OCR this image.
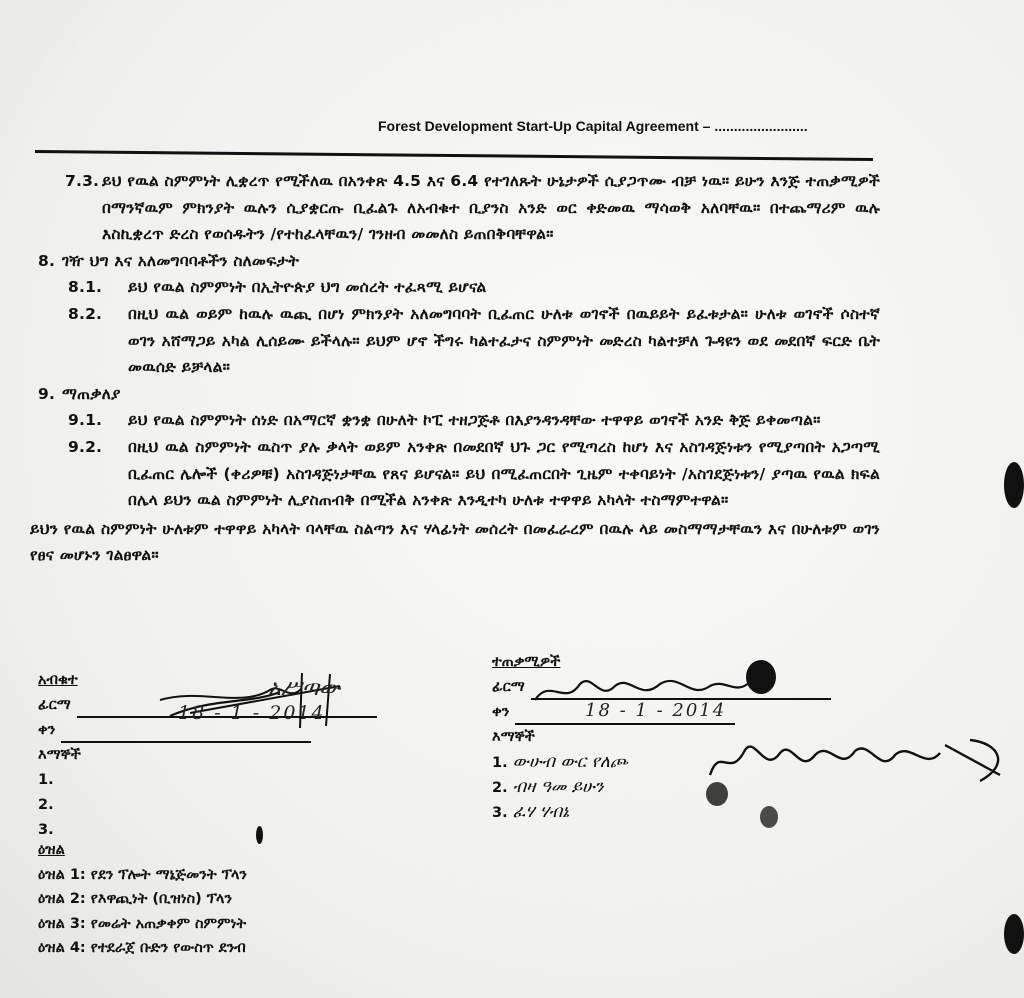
Forest Development Start-Up Capital Agreement – ........................
7.3. ይህ የዉል ስምምነት ሊቋረጥ የሚችለዉ በአንቀጽ 4.5 እና 6.4 የተገለጹት ሁኔታዎች ሲያጋጥሙ ብቻ ነዉ። ይሁን እንጅ ተጠቃሚዎች በማንኛዉም ምክንያት ዉሉን ሲያቋርጡ ቢፈልጉ ለአብቁተ ቢያንስ አንድ ወር ቀድመዉ ማሳወቅ አለባቸዉ። በተጨማሪም ዉሉ እስኪቋረጥ ድረስ የወሰዱትን /የተከፈላቸዉን/ ገንዘብ መመለስ ይጠበቅባቸዋል።
8. ገዥ ህግ እና አለመግባባቶችን ስለመፍታት
8.1.	ይህ የዉል ስምምነት በኢትዮጵያ ህግ መሰረት ተፈጻሚ ይሆናል
8.2.	በዚህ ዉል ወይም ከዉሉ ዉጪ በሆነ ምክንያት አለመግባባት ቢፈጠር ሁለቱ ወገኖች በዉይይት ይፈቱታል። ሁለቱ ወገኖች ሶስተኛ ወገን አሸማጋይ አካል ሊሰይሙ ይችላሉ። ይህም ሆኖ ችግሩ ካልተፈታና ስምምነት መድረስ ካልተቻለ ጉዳዩን ወደ መደበኛ ፍርድ ቤት መዉሰድ ይቻላል።
9. ማጠቃለያ
9.1.	ይህ የዉል ስምምነት ሰነድ በአማርኛ ቋንቋ በሁለት ኮፒ ተዘጋጅቶ በእያንዳንዳቸው ተዋዋይ ወገኖች አንድ ቅጅ ይቀመጣል።
9.2.	በዚህ ዉል ስምምነት ዉስጥ ያሉ ቃላት ወይም አንቀጽ በመደበኛ ህጉ ጋር የሚጣረስ ከሆነ እና አስገዳጅነቱን የሚያጣበት አጋጣሚ ቢፈጠር ሌሎች (ቀሪዎቹ) አስገዳጅነታቸዉ የጸና ይሆናል። ይህ በሚፈጠርበት ጊዜም ተቀባይነት /አስገደጅነቱን/ ያጣዉ የዉል ክፍል በሌላ ይህን ዉል ስምምነት ሊያስጠብቅ በሚችል አንቀጽ እንዲተካ ሁለቱ ተዋዋይ አካላት ተስማምተዋል።
ይህን የዉል ስምምነት ሁለቱም ተዋዋይ አካላት ባላቸዉ ስልጣን እና ሃላፊነት መሰረት በመፈራረም በዉሉ ላይ መስማማታቸዉን እና በሁለቱም ወገን የፀና መሆኑን ገልፀዋል።
አብቁተ
ፊርማ
ቀን
እማኞች
1.
2.
3.
አሥጣው
18 - 1 - 2014
ተጠቃሚዎች
ፊርማ
ቀን
እማኞች
1. ውሁብ ውር የለጮ
2. ብዛ ዓመ ይሁን
3. ፈሃ ሃብኔ
18 - 1 - 2014
ዕዝል
ዕዝል 1: የደን ፕሎት ማኔጅመንት ፕላን
ዕዝል 2: የእዋጪነት (ቢዝነስ) ፕላን
ዕዝል 3: የመሬት አጠቃቀም ስምምነት
ዕዝል 4: የተደራጀ ቡድን የውስጥ ደንብ
